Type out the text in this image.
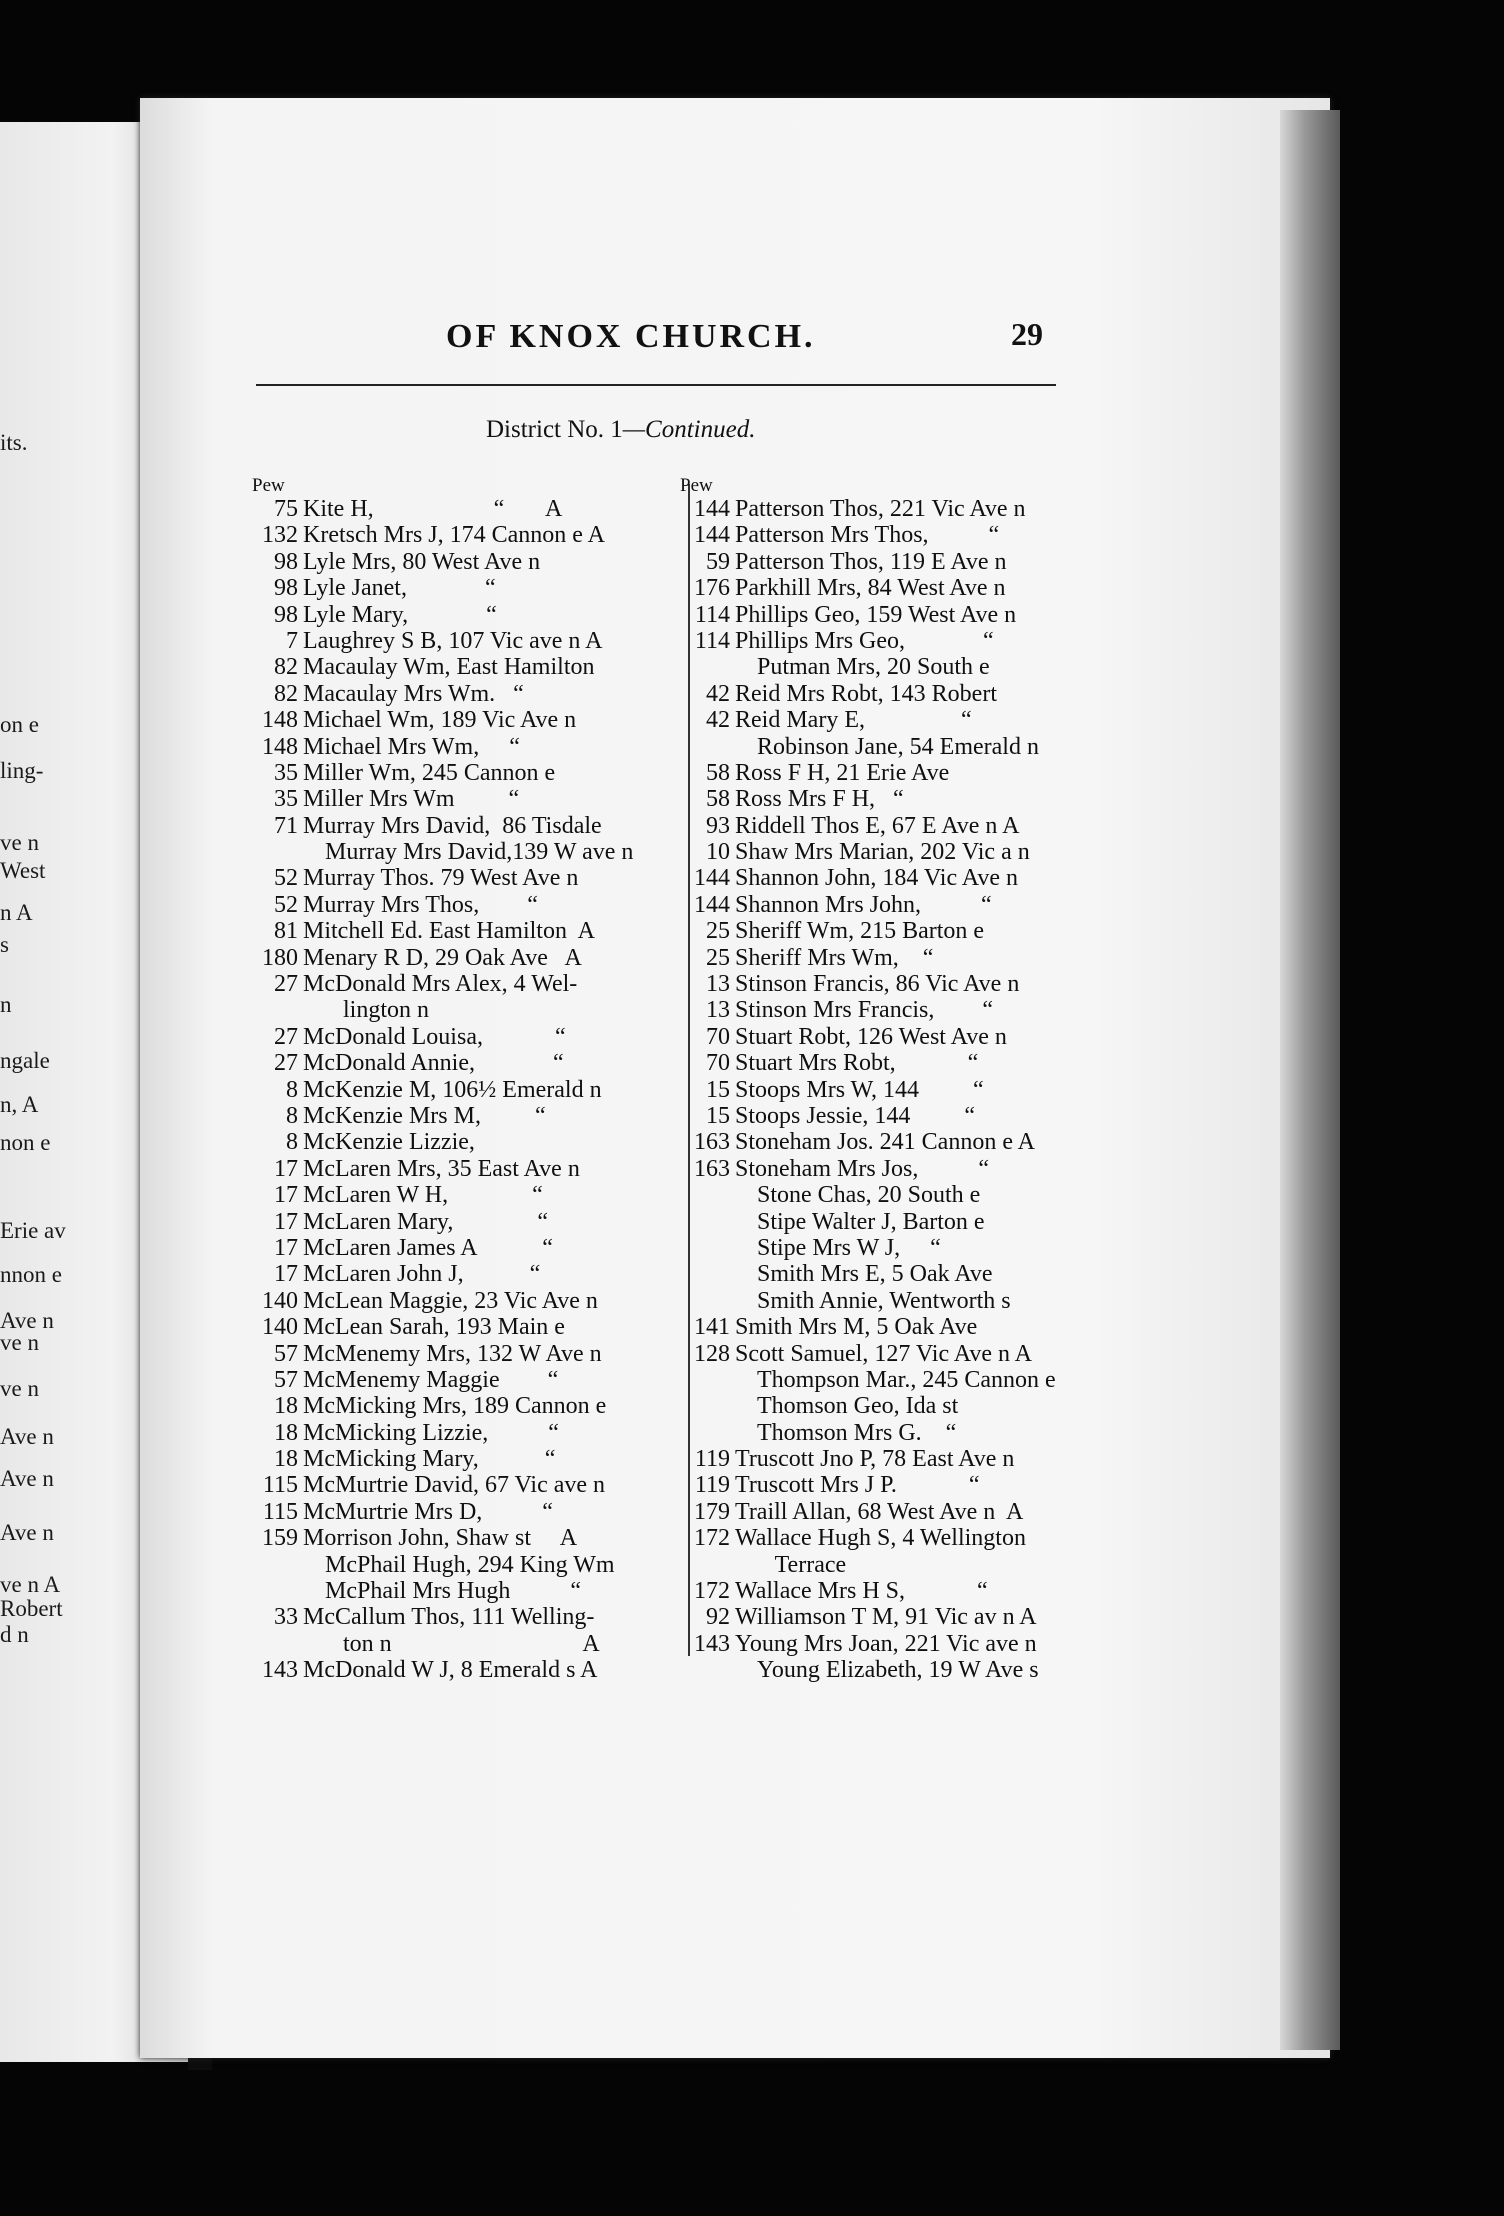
its.
on e
ling-
ve n
West
n A
s
n
ngale
n, A
non e
Erie av
nnon e
Ave n
ve n
ve n
Ave n
Ave n
Ave n
ve n A
Robert
d n
OF KNOX CHURCH.	29
District No. 1—Continued.
Pew
75 Kite H,                    “       A
132 Kretsch Mrs J, 174 Cannon e A
98 Lyle Mrs, 80 West Ave n
98 Lyle Janet,             “
98 Lyle Mary,             “
7 Laughrey S B, 107 Vic ave n A
82 Macaulay Wm, East Hamilton
82 Macaulay Mrs Wm.   “
148 Michael Wm, 189 Vic Ave n
148 Michael Mrs Wm,     “
35 Miller Wm, 245 Cannon e
35 Miller Mrs Wm         “
71 Murray Mrs David,  86 Tisdale
Murray Mrs David,139 W ave n
52 Murray Thos. 79 West Ave n
52 Murray Mrs Thos,        “
81 Mitchell Ed. East Hamilton  A
180 Menary R D, 29 Oak Ave   A
27 McDonald Mrs Alex, 4 Wel-
lington n
27 McDonald Louisa,            “
27 McDonald Annie,             “
8 McKenzie M, 106½ Emerald n
8 McKenzie Mrs M,         “
8 McKenzie Lizzie,
17 McLaren Mrs, 35 East Ave n
17 McLaren W H,              “
17 McLaren Mary,              “
17 McLaren James A           “
17 McLaren John J,           “
140 McLean Maggie, 23 Vic Ave n
140 McLean Sarah, 193 Main e
57 McMenemy Mrs, 132 W Ave n
57 McMenemy Maggie        “
18 McMicking Mrs, 189 Cannon e
18 McMicking Lizzie,          “
18 McMicking Mary,           “
115 McMurtrie David, 67 Vic ave n
115 McMurtrie Mrs D,          “
159 Morrison John, Shaw st     A
McPhail Hugh, 294 King Wm
McPhail Mrs Hugh          “
33 McCallum Thos, 111 Welling-
ton n                                A
143 McDonald W J, 8 Emerald s A
Pew
144 Patterson Thos, 221 Vic Ave n
144 Patterson Mrs Thos,          “
59 Patterson Thos, 119 E Ave n
176 Parkhill Mrs, 84 West Ave n
114 Phillips Geo, 159 West Ave n
114 Phillips Mrs Geo,             “
Putman Mrs, 20 South e
42 Reid Mrs Robt, 143 Robert
42 Reid Mary E,                “
Robinson Jane, 54 Emerald n
58 Ross F H, 21 Erie Ave
58 Ross Mrs F H,   “
93 Riddell Thos E, 67 E Ave n A
10 Shaw Mrs Marian, 202 Vic a n
144 Shannon John, 184 Vic Ave n
144 Shannon Mrs John,          “
25 Sheriff Wm, 215 Barton e
25 Sheriff Mrs Wm,    “
13 Stinson Francis, 86 Vic Ave n
13 Stinson Mrs Francis,        “
70 Stuart Robt, 126 West Ave n
70 Stuart Mrs Robt,            “
15 Stoops Mrs W, 144         “
15 Stoops Jessie, 144         “
163 Stoneham Jos. 241 Cannon e A
163 Stoneham Mrs Jos,          “
Stone Chas, 20 South e
Stipe Walter J, Barton e
Stipe Mrs W J,     “
Smith Mrs E, 5 Oak Ave
Smith Annie, Wentworth s
141 Smith Mrs M, 5 Oak Ave
128 Scott Samuel, 127 Vic Ave n A
Thompson Mar., 245 Cannon e
Thomson Geo, Ida st
Thomson Mrs G.    “
119 Truscott Jno P, 78 East Ave n
119 Truscott Mrs J P.            “
179 Traill Allan, 68 West Ave n  A
172 Wallace Hugh S, 4 Wellington
Terrace
172 Wallace Mrs H S,            “
92 Williamson T M, 91 Vic av n A
143 Young Mrs Joan, 221 Vic ave n
Young Elizabeth, 19 W Ave s
